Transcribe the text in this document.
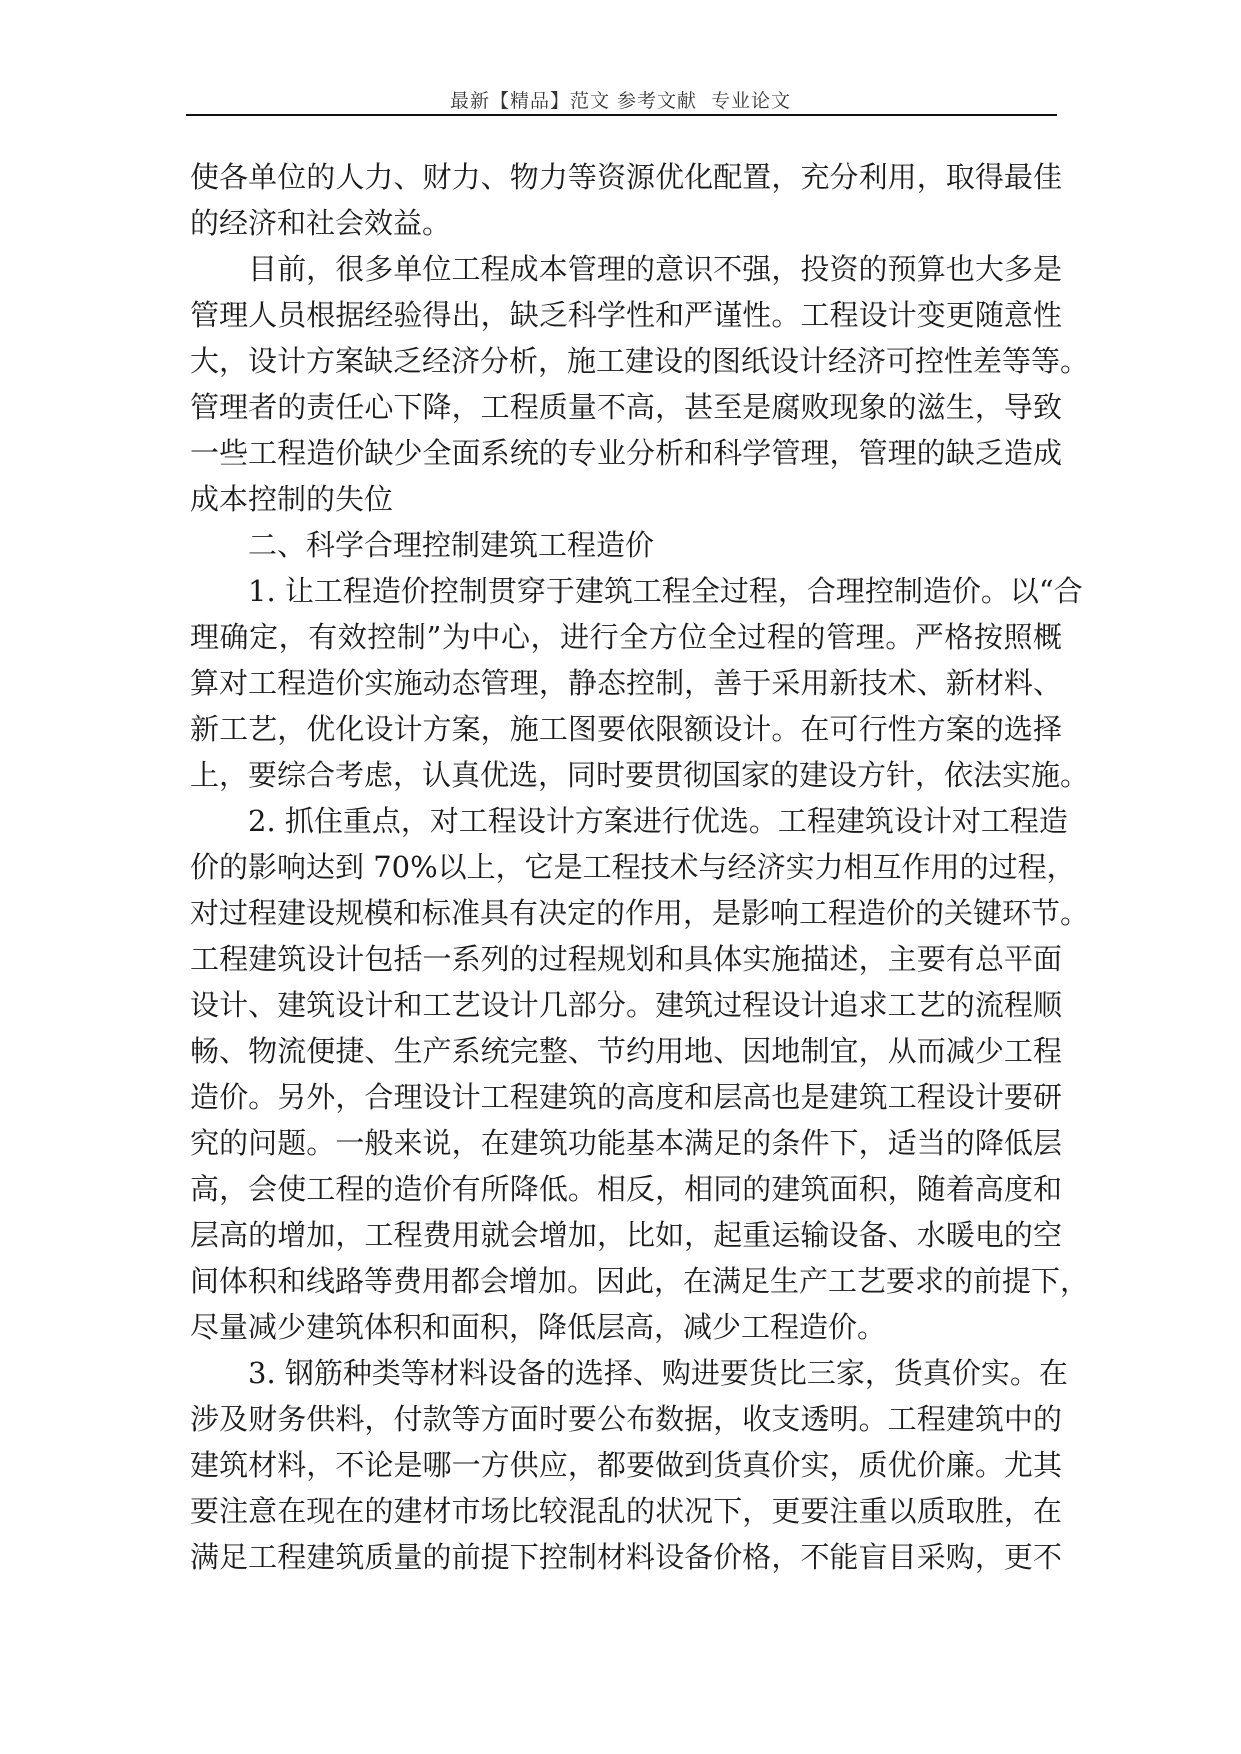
最新【精品】范文 参考文献  专业论文
使各单位的人力、财力、物力等资源优化配置，充分利用，取得最佳
的经济和社会效益。
目前，很多单位工程成本管理的意识不强，投资的预算也大多是
管理人员根据经验得出，缺乏科学性和严谨性。工程设计变更随意性
大，设计方案缺乏经济分析，施工建设的图纸设计经济可控性差等等。
管理者的责任心下降，工程质量不高，甚至是腐败现象的滋生，导致
一些工程造价缺少全面系统的专业分析和科学管理，管理的缺乏造成
成本控制的失位
二、科学合理控制建筑工程造价
1. 让工程造价控制贯穿于建筑工程全过程，合理控制造价。以“合
理确定，有效控制”为中心，进行全方位全过程的管理。严格按照概
算对工程造价实施动态管理，静态控制，善于采用新技术、新材料、
新工艺，优化设计方案，施工图要依限额设计。在可行性方案的选择
上，要综合考虑，认真优选，同时要贯彻国家的建设方针，依法实施。
2. 抓住重点，对工程设计方案进行优选。工程建筑设计对工程造
价的影响达到 70%以上，它是工程技术与经济实力相互作用的过程，
对过程建设规模和标准具有决定的作用，是影响工程造价的关键环节。
工程建筑设计包括一系列的过程规划和具体实施描述，主要有总平面
设计、建筑设计和工艺设计几部分。建筑过程设计追求工艺的流程顺
畅、物流便捷、生产系统完整、节约用地、因地制宜，从而减少工程
造价。另外，合理设计工程建筑的高度和层高也是建筑工程设计要研
究的问题。一般来说，在建筑功能基本满足的条件下，适当的降低层
高，会使工程的造价有所降低。相反，相同的建筑面积，随着高度和
层高的增加，工程费用就会增加，比如，起重运输设备、水暖电的空
间体积和线路等费用都会增加。因此，在满足生产工艺要求的前提下，
尽量减少建筑体积和面积，降低层高，减少工程造价。
3. 钢筋种类等材料设备的选择、购进要货比三家，货真价实。在
涉及财务供料，付款等方面时要公布数据，收支透明。工程建筑中的
建筑材料，不论是哪一方供应，都要做到货真价实，质优价廉。尤其
要注意在现在的建材市场比较混乱的状况下，更要注重以质取胜，在
满足工程建筑质量的前提下控制材料设备价格，不能盲目采购，更不
